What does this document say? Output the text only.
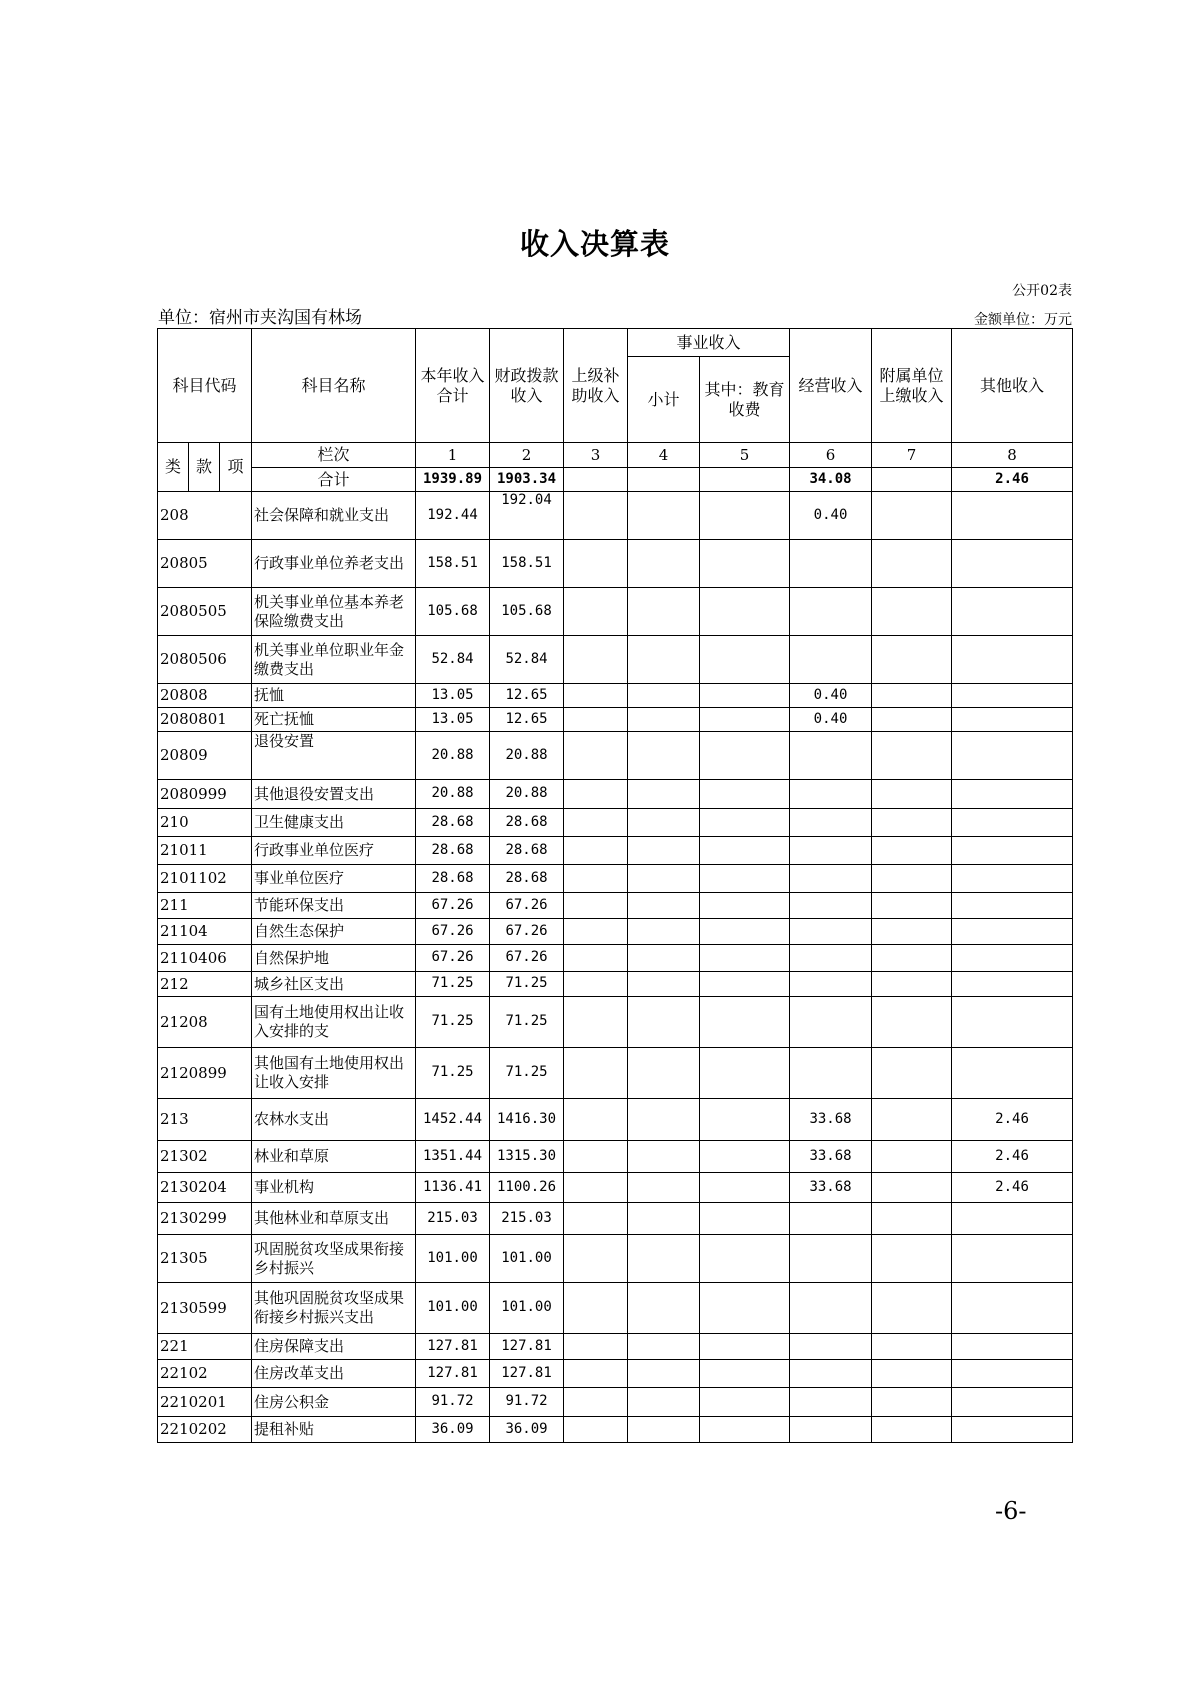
收入决算表
公开02表
单位：宿州市夹沟国有林场	金额单位：万元
科目代码			科目名称	本年收入合计	财政拨款收入	上级补助收入	事业收入		经营收入	附属单位上缴收入	其他收入
							小计	其中：教育收费			
类	款	项	栏次	1	2	3	4	5	6	7	8
			合计	1939.89	1903.34				34.08		2.46
208			社会保障和就业支出	192.44	192.04				0.40		
20805			行政事业单位养老支出	158.51	158.51						
2080505			机关事业单位基本养老保险缴费支出	105.68	105.68						
2080506			机关事业单位职业年金缴费支出	52.84	52.84						
20808			抚恤	13.05	12.65				0.40		
2080801			死亡抚恤	13.05	12.65				0.40		
20809			退役安置	20.88	20.88						
2080999			其他退役安置支出	20.88	20.88						
210			卫生健康支出	28.68	28.68						
21011			行政事业单位医疗	28.68	28.68						
2101102			事业单位医疗	28.68	28.68						
211			节能环保支出	67.26	67.26						
21104			自然生态保护	67.26	67.26						
2110406			自然保护地	67.26	67.26						
212			城乡社区支出	71.25	71.25						
21208			国有土地使用权出让收入安排的支	71.25	71.25						
2120899			其他国有土地使用权出让收入安排	71.25	71.25						
213			农林水支出	1452.44	1416.30				33.68		2.46
21302			林业和草原	1351.44	1315.30				33.68		2.46
2130204			事业机构	1136.41	1100.26				33.68		2.46
2130299			其他林业和草原支出	215.03	215.03						
21305			巩固脱贫攻坚成果衔接乡村振兴	101.00	101.00						
2130599			其他巩固脱贫攻坚成果衔接乡村振兴支出	101.00	101.00						
221			住房保障支出	127.81	127.81						
22102			住房改革支出	127.81	127.81						
2210201			住房公积金	91.72	91.72						
2210202			提租补贴	36.09	36.09						
-6-
